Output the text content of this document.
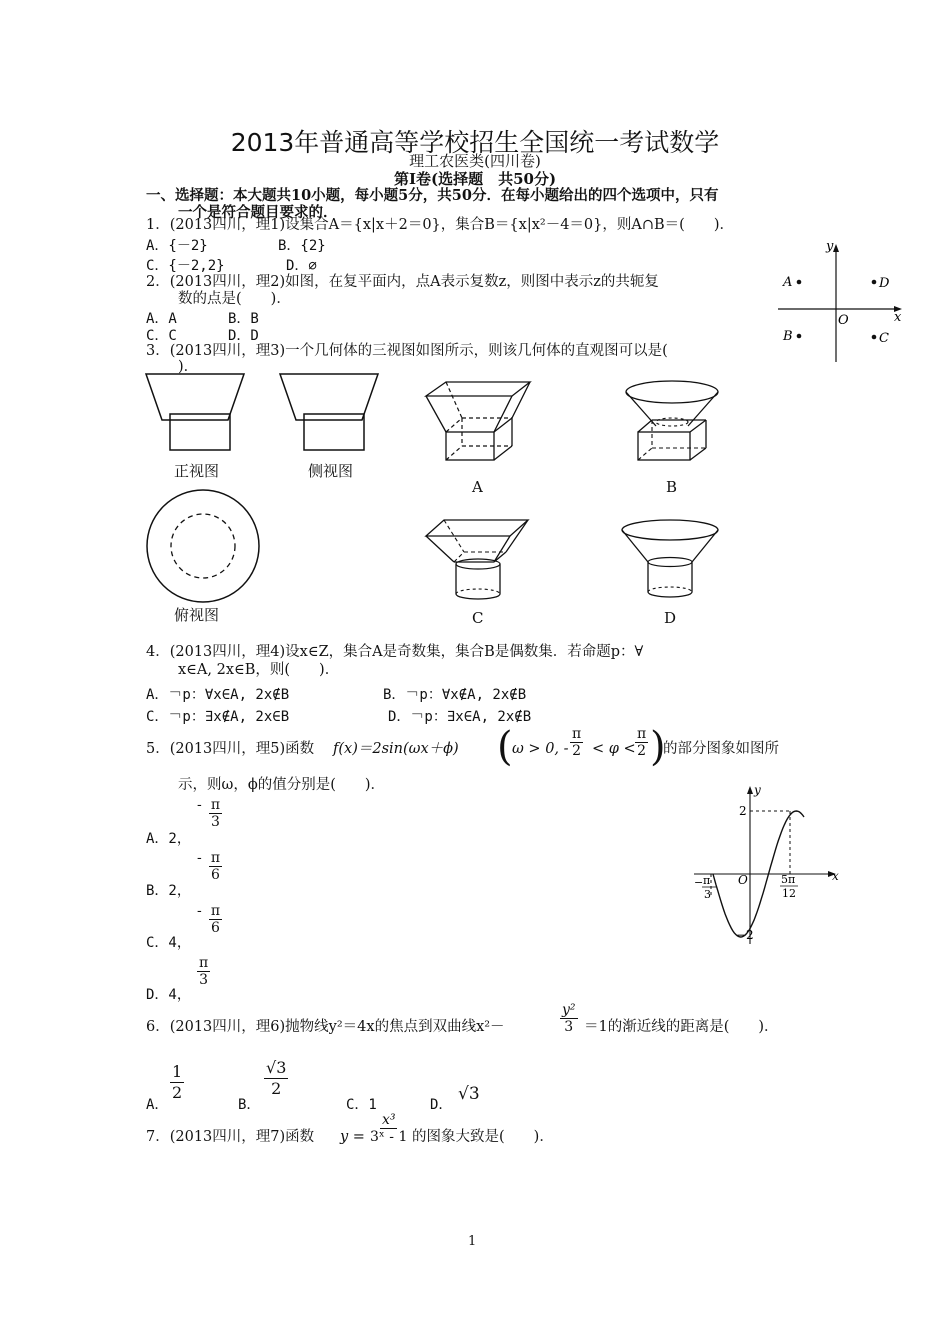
2013年普通高等学校招生全国统一考试数学
理工农医类(四川卷)
第Ⅰ卷(选择题　共50分)
一、选择题：本大题共10小题，每小题5分，共50分．在每小题给出的四个选项中，只有
一个是符合题目要求的．
1．(2013四川，理1)设集合A＝{x|x＋2＝0}，集合B＝{x|x²－4＝0}，则A∩B＝(　　)．
A．{－2}	B．{2}
C．{－2,2}	D．∅
2．(2013四川，理2)如图，在复平面内，点A表示复数z，则图中表示z的共轭复
数的点是(　　)．
A．A	B．B
C．C	D．D
y
x
O
A	D
B	C
3．(2013四川，理3)一个几何体的三视图如图所示，则该几何体的直观图可以是(
)．
正视图	侧视图
俯视图
A	B
C	D
4．(2013四川，理4)设x∈Z，集合A是奇数集，集合B是偶数集．若命题p：∀
x∈A, 2x∈B，则(　　)．
A．￢p：∀x∈A, 2x∉B	B．￢p：∀x∉A, 2x∉B
C．￢p：∃x∉A, 2x∈B	D．￢p：∃x∈A, 2x∉B
5．(2013四川，理5)函数 f(x)＝2sin(ωx＋ϕ) ( ω > 0, - $\frac{\pi}{2} < \varphi < \frac{\pi}{2}$ )
的部分图象如图所
示，则ω，ϕ的值分别是(　　)．
A．2，
- $\frac{\pi}{3}$
B．2，
- $\frac{\pi}{6}$
C．4，
- $\frac{\pi}{6}$
D．4，
$\frac{\pi}{3}$
y
x
O
2
−2
− π
3
5π
12
6．(2013四川，理6)抛物线y²＝4x的焦点到双曲线x²－	$\frac{\text{y²}}{3} =1$的渐近线的距离是(　　)．
A．
$\frac{1}{2}$
B．
$\frac{√3}{2}$
C．1	D．
√3
7．(2013四川，理7)函数 $y = \frac{\text{x³}}{\text{3ˣ - 1}}$ 的图象大致是(　　)．
1
